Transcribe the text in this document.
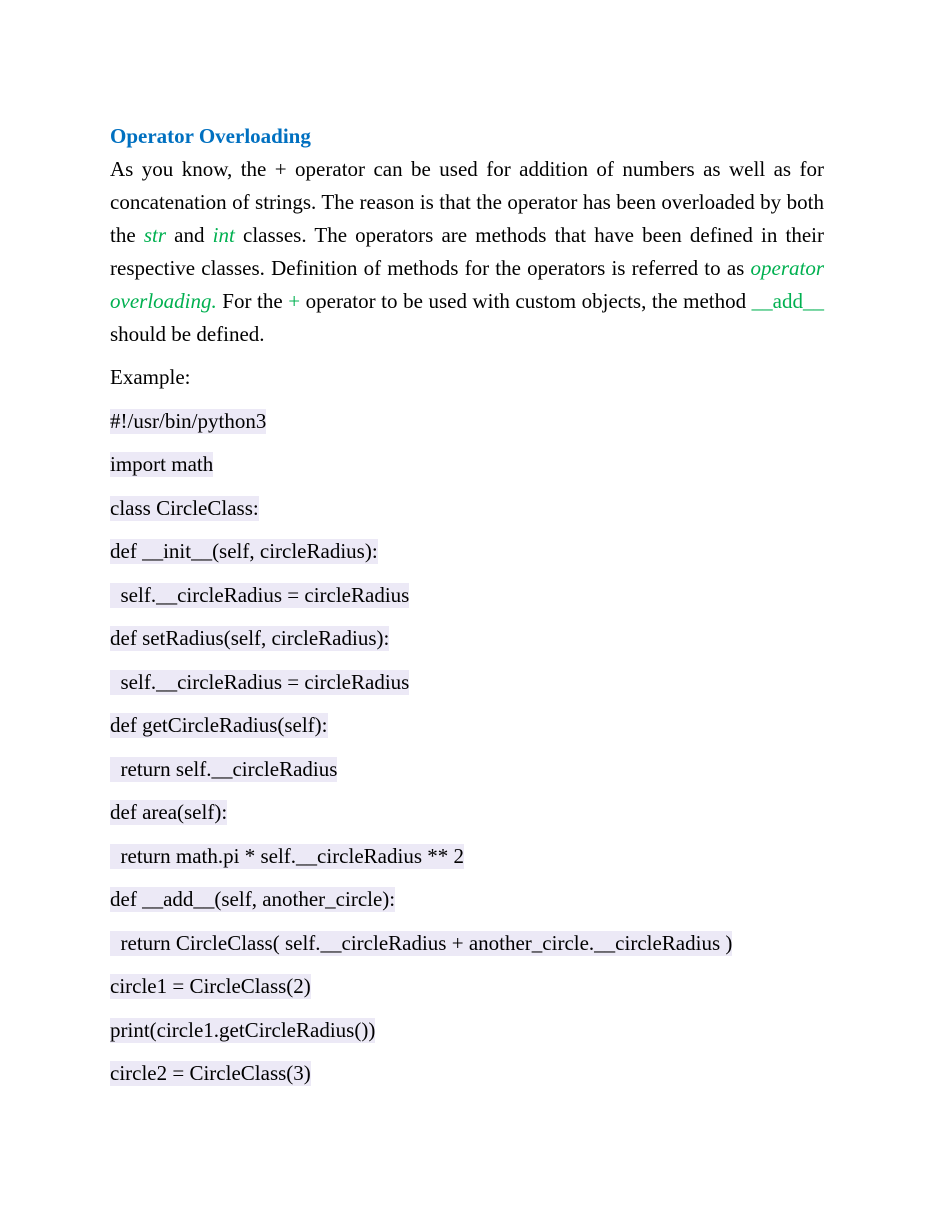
Operator Overloading

As you know, the + operator can be used for addition of numbers as well as for concatenation of strings. The reason is that the operator has been overloaded by both the str and int classes. The operators are methods that have been defined in their respective classes. Definition of methods for the operators is referred to as operator overloading. For the + operator to be used with custom objects, the method __add__ should be defined.

Example:

#!/usr/bin/python3
import math
class CircleClass:
def __init__(self, circleRadius):
self.__circleRadius = circleRadius
def setRadius(self, circleRadius):
self.__circleRadius = circleRadius
def getCircleRadius(self):
return self.__circleRadius
def area(self):
return math.pi * self.__circleRadius ** 2
def __add__(self, another_circle):
return CircleClass( self.__circleRadius + another_circle.__circleRadius )
circle1 = CircleClass(2)
print(circle1.getCircleRadius())
circle2 = CircleClass(3)
